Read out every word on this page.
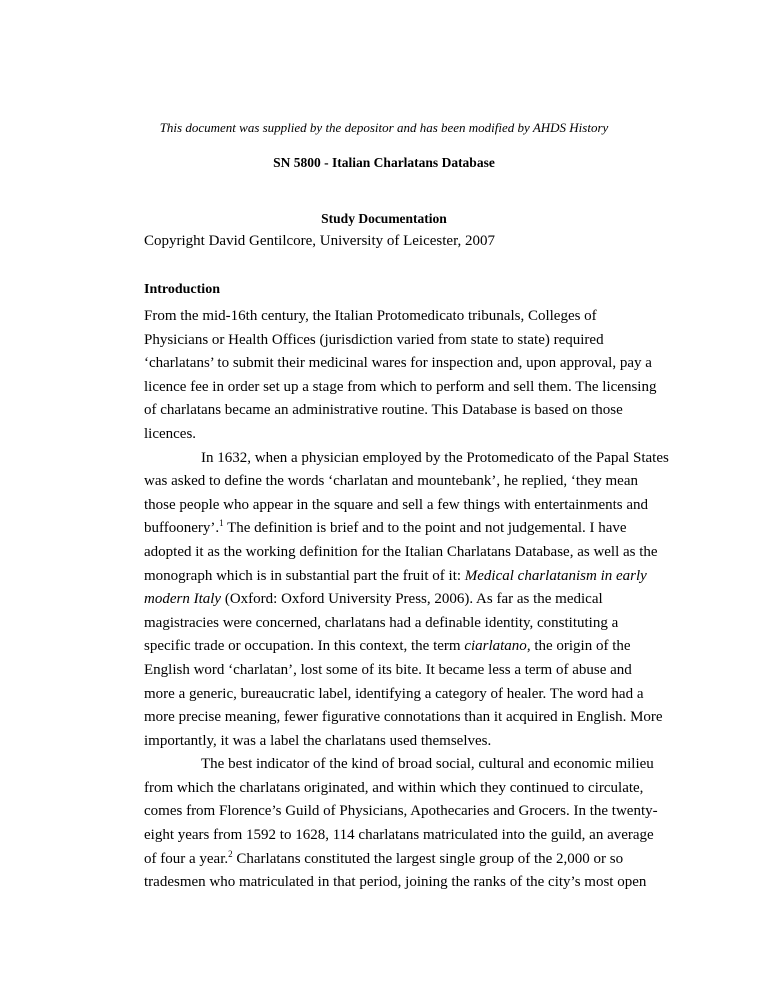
This document was supplied by the depositor and has been modified by AHDS History
SN 5800 - Italian Charlatans Database
Study Documentation
Copyright David Gentilcore, University of Leicester, 2007
Introduction
From the mid-16th century, the Italian Protomedicato tribunals, Colleges of
Physicians or Health Offices (jurisdiction varied from state to state) required
‘charlatans’ to submit their medicinal wares for inspection and, upon approval, pay a
licence fee in order set up a stage from which to perform and sell them. The licensing
of charlatans became an administrative routine. This Database is based on those
licences.
In 1632, when a physician employed by the Protomedicato of the Papal States
was asked to define the words ‘charlatan and mountebank’, he replied, ‘they mean
those people who appear in the square and sell a few things with entertainments and
buffoonery’.$^1$ The definition is brief and to the point and not judgemental. I have
adopted it as the working definition for the Italian Charlatans Database, as well as the
monograph which is in substantial part the fruit of it: Medical charlatanism in early
modern Italy (Oxford: Oxford University Press, 2006). As far as the medical
magistracies were concerned, charlatans had a definable identity, constituting a
specific trade or occupation. In this context, the term ciarlatano, the origin of the
English word ‘charlatan’, lost some of its bite. It became less a term of abuse and
more a generic, bureaucratic label, identifying a category of healer. The word had a
more precise meaning, fewer figurative connotations than it acquired in English. More
importantly, it was a label the charlatans used themselves.
The best indicator of the kind of broad social, cultural and economic milieu
from which the charlatans originated, and within which they continued to circulate,
comes from Florence’s Guild of Physicians, Apothecaries and Grocers. In the twenty-
eight years from 1592 to 1628, 114 charlatans matriculated into the guild, an average
of four a year.$^2$ Charlatans constituted the largest single group of the 2,000 or so
tradesmen who matriculated in that period, joining the ranks of the city’s most open
